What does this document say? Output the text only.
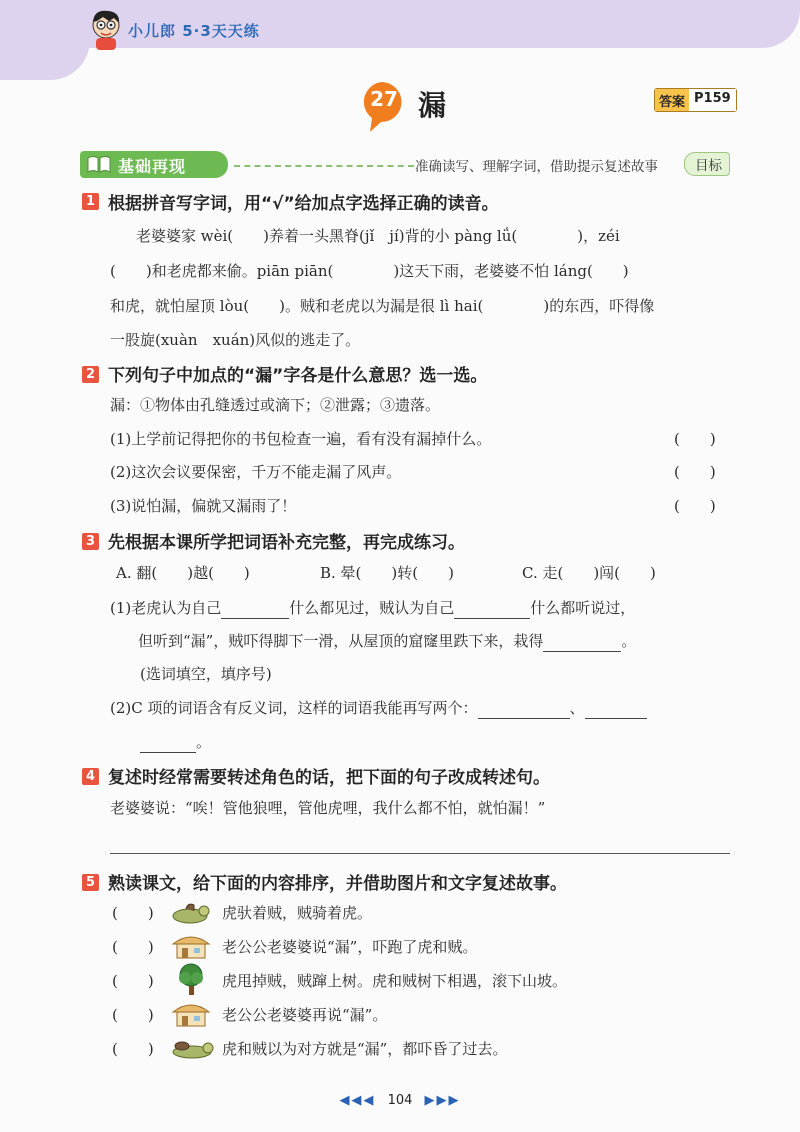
小儿郎 5·3天天练
27 漏	答案 P159
基础再现	准确读写、理解字词，借助提示复述故事	目标
1 根据拼音写字词，用“√”给加点字选择正确的读音。
老婆婆家 wèi(　　)养着一头黑脊(jǐ　jí)背的小 pàng lǘ(　　　　)，zéi
(　　)和老虎都来偷。piān piān(　　　　)这天下雨，老婆婆不怕 láng(　　)
和虎，就怕屋顶 lòu(　　)。贼和老虎以为漏是很 lì hai(　　　　)的东西，吓得像
一股旋(xuàn　xuán)风似的逃走了。
2 下列句子中加点的“漏”字各是什么意思？选一选。
漏：①物体由孔缝透过或滴下；②泄露；③遗落。
(1)上学前记得把你的书包检查一遍，看有没有漏掉什么。	(　　)
(2)这次会议要保密，千万不能走漏了风声。	(　　)
(3)说怕漏，偏就又漏雨了！	(　　)
3 先根据本课所学把词语补充完整，再完成练习。
A. 翻(　　)越(　　)	B. 晕(　　)转(　　)	C. 走(　　)闯(　　)
(1)老虎认为自己	什么都见过，贼认为自己	什么都听说过，
但听到“漏”，贼吓得脚下一滑，从屋顶的窟窿里跌下来，栽得	。
(选词填空，填序号)
(2)C 项的词语含有反义词，这样的词语我能再写两个：	、
。
4 复述时经常需要转述角色的话，把下面的句子改成转述句。
老婆婆说：“唉！管他狼哩，管他虎哩，我什么都不怕，就怕漏！”
5 熟读课文，给下面的内容排序，并借助图片和文字复述故事。
(　　)	虎驮着贼，贼骑着虎。
(　　)	老公公老婆婆说“漏”，吓跑了虎和贼。
(　　)	虎甩掉贼，贼蹿上树。虎和贼树下相遇，滚下山坡。
(　　)	老公公老婆婆再说“漏”。
(　　)	虎和贼以为对方就是“漏”，都吓昏了过去。
◀◀◀ 104 ▶▶▶
